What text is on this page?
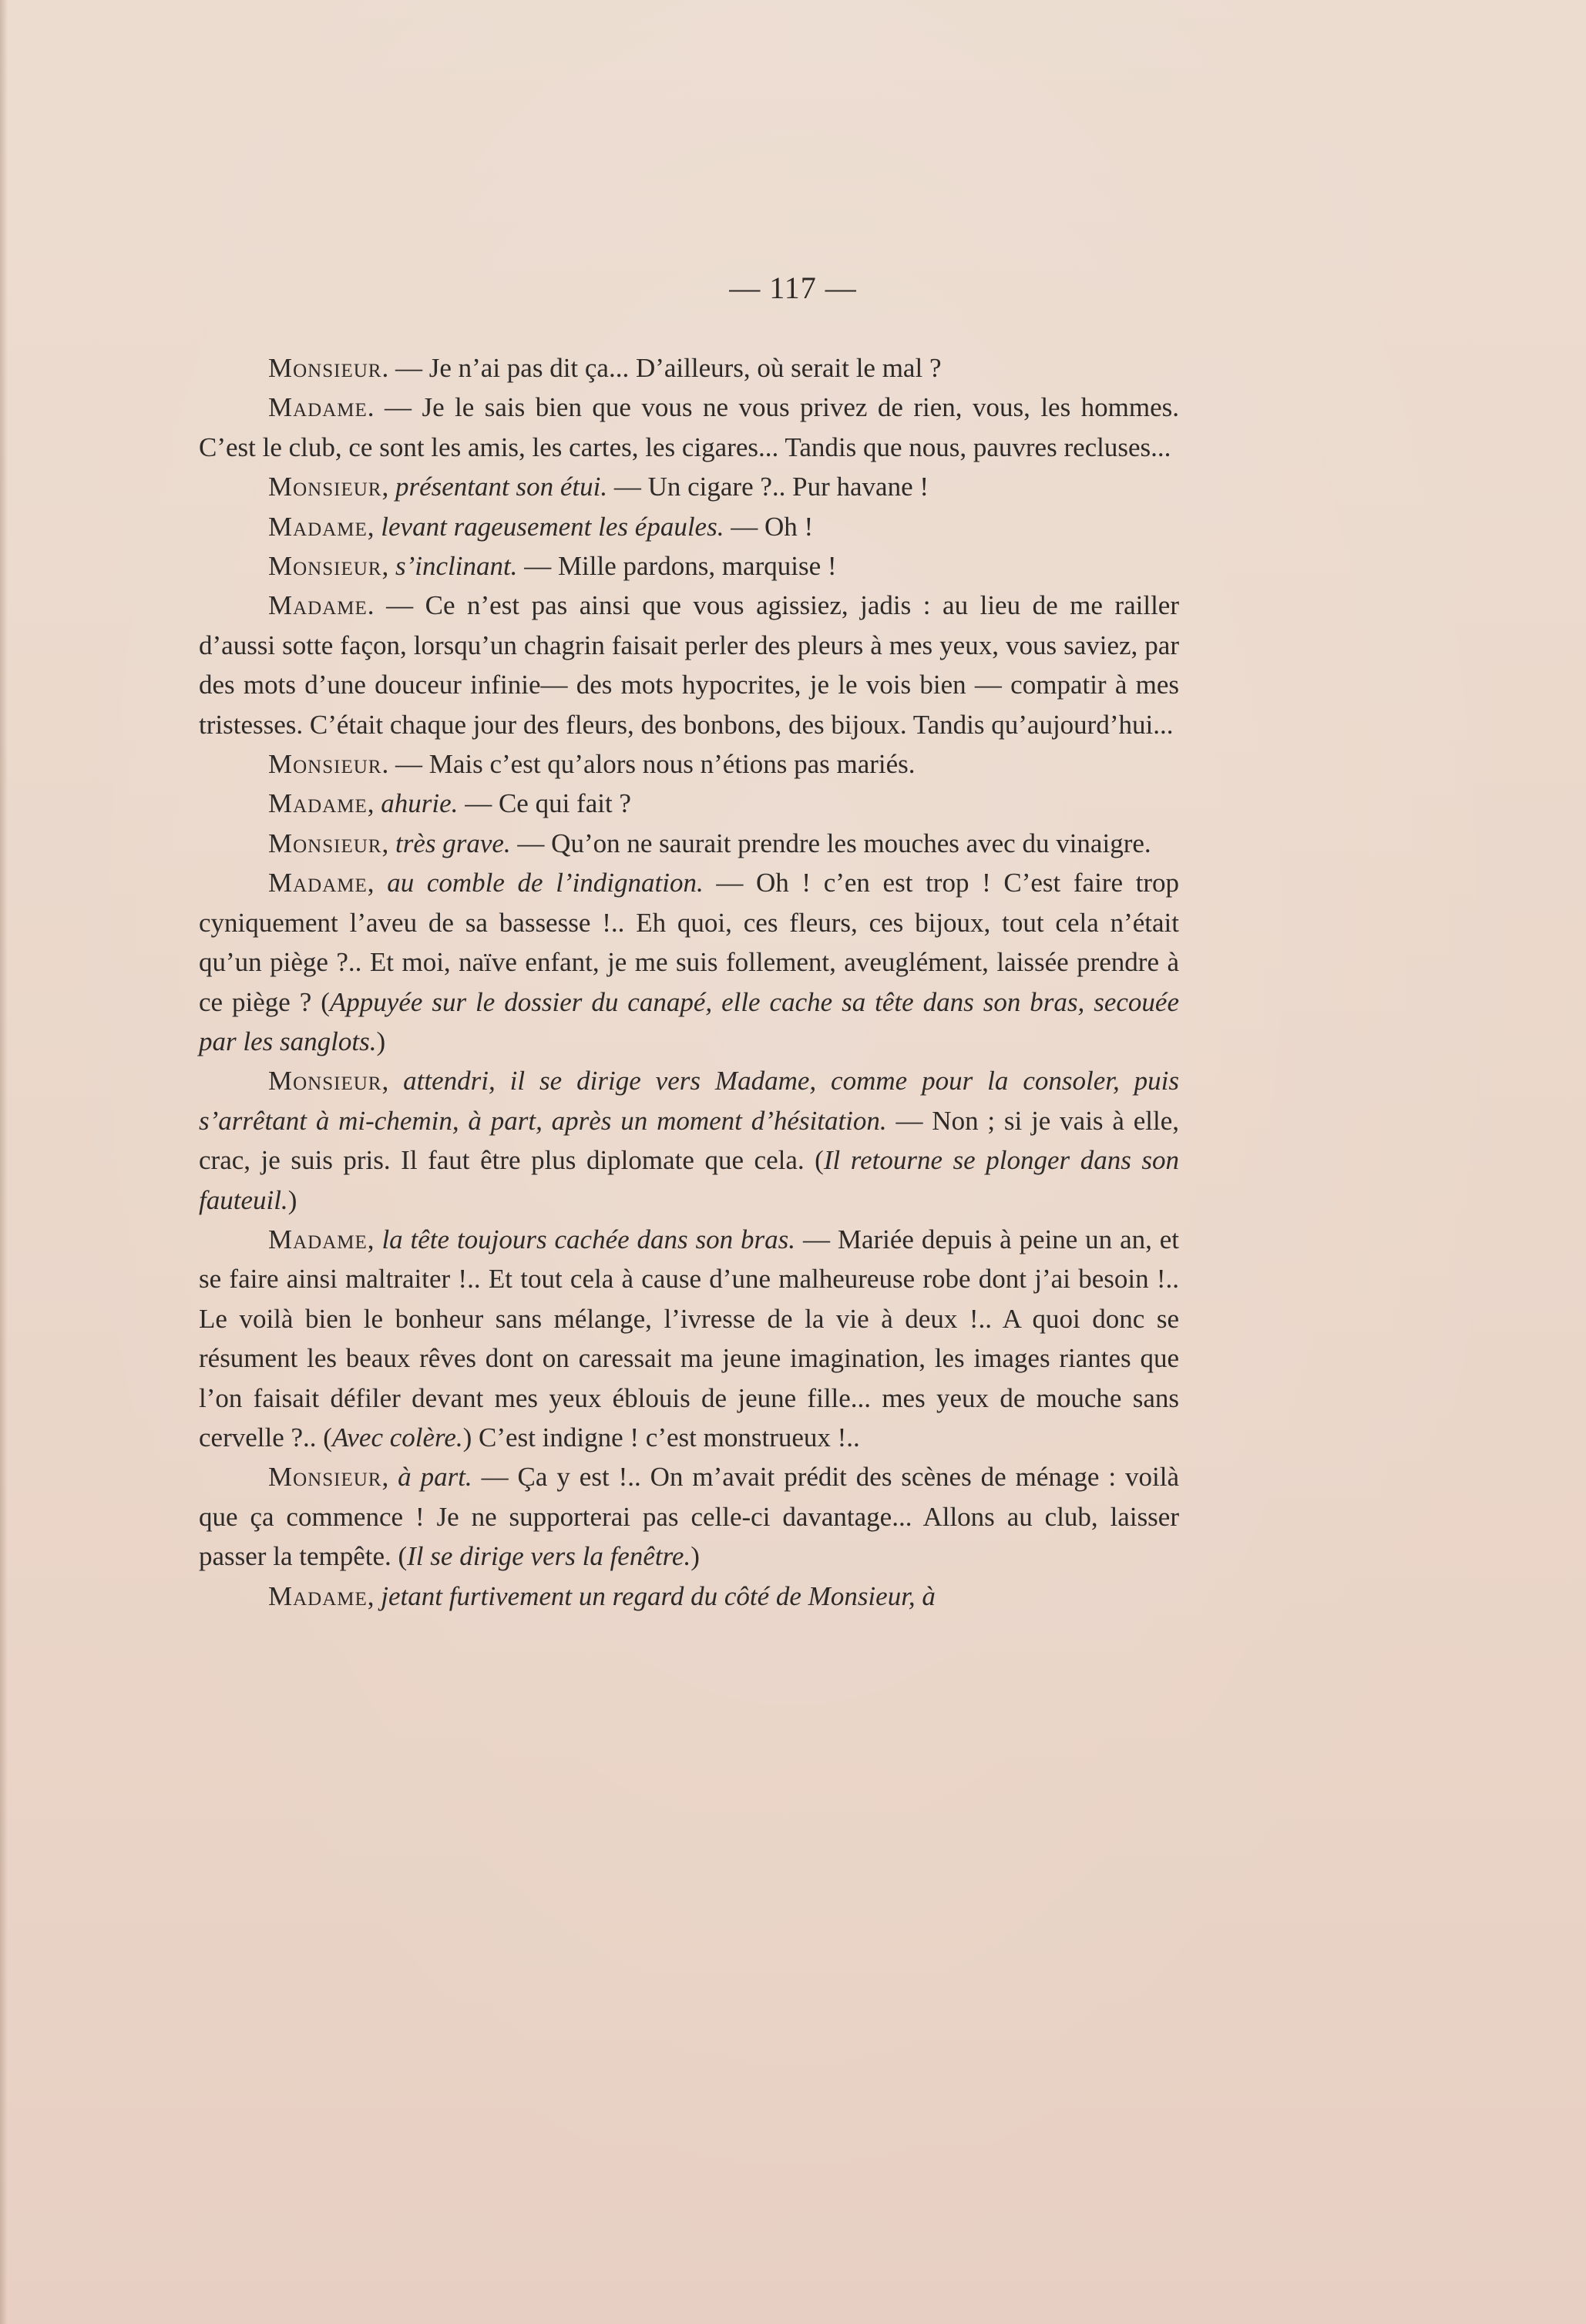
— 117 —

Monsieur. — Je n’ai pas dit ça... D’ailleurs, où serait le mal ?

Madame. — Je le sais bien que vous ne vous privez de rien, vous, les hommes. C’est le club, ce sont les amis, les cartes, les cigares... Tandis que nous, pauvres recluses...

Monsieur, présentant son étui. — Un cigare ?.. Pur havane !

Madame, levant rageusement les épaules. — Oh !

Monsieur, s’inclinant. — Mille pardons, marquise !

Madame. — Ce n’est pas ainsi que vous agissiez, jadis : au lieu de me railler d’aussi sotte façon, lorsqu’un chagrin faisait perler des pleurs à mes yeux, vous saviez, par des mots d’une douceur infinie— des mots hypocrites, je le vois bien — compatir à mes tristesses. C’était chaque jour des fleurs, des bonbons, des bijoux. Tandis qu’aujourd’hui...

Monsieur. — Mais c’est qu’alors nous n’étions pas mariés.

Madame, ahurie. — Ce qui fait ?

Monsieur, très grave. — Qu’on ne saurait prendre les mouches avec du vinaigre.

Madame, au comble de l’indignation. — Oh ! c’en est trop ! C’est faire trop cyniquement l’aveu de sa bassesse !.. Eh quoi, ces fleurs, ces bijoux, tout cela n’était qu’un piège ?.. Et moi, naïve enfant, je me suis follement, aveuglément, laissée prendre à ce piège ? (Appuyée sur le dossier du canapé, elle cache sa tête dans son bras, secouée par les sanglots.)

Monsieur, attendri, il se dirige vers Madame, comme pour la consoler, puis s’arrêtant à mi-chemin, à part, après un moment d’hésitation. — Non ; si je vais à elle, crac, je suis pris. Il faut être plus diplomate que cela. (Il retourne se plonger dans son fauteuil.)

Madame, la tête toujours cachée dans son bras. — Mariée depuis à peine un an, et se faire ainsi maltraiter !.. Et tout cela à cause d’une malheureuse robe dont j’ai besoin !.. Le voilà bien le bonheur sans mélange, l’ivresse de la vie à deux !.. A quoi donc se résument les beaux rêves dont on caressait ma jeune imagination, les images riantes que l’on faisait défiler devant mes yeux éblouis de jeune fille... mes yeux de mouche sans cervelle ?.. (Avec colère.) C’est indigne ! c’est monstrueux !..

Monsieur, à part. — Ça y est !.. On m’avait prédit des scènes de ménage : voilà que ça commence ! Je ne supporterai pas celle-ci davantage... Allons au club, laisser passer la tempête. (Il se dirige vers la fenêtre.)

Madame, jetant furtivement un regard du côté de Monsieur, à
